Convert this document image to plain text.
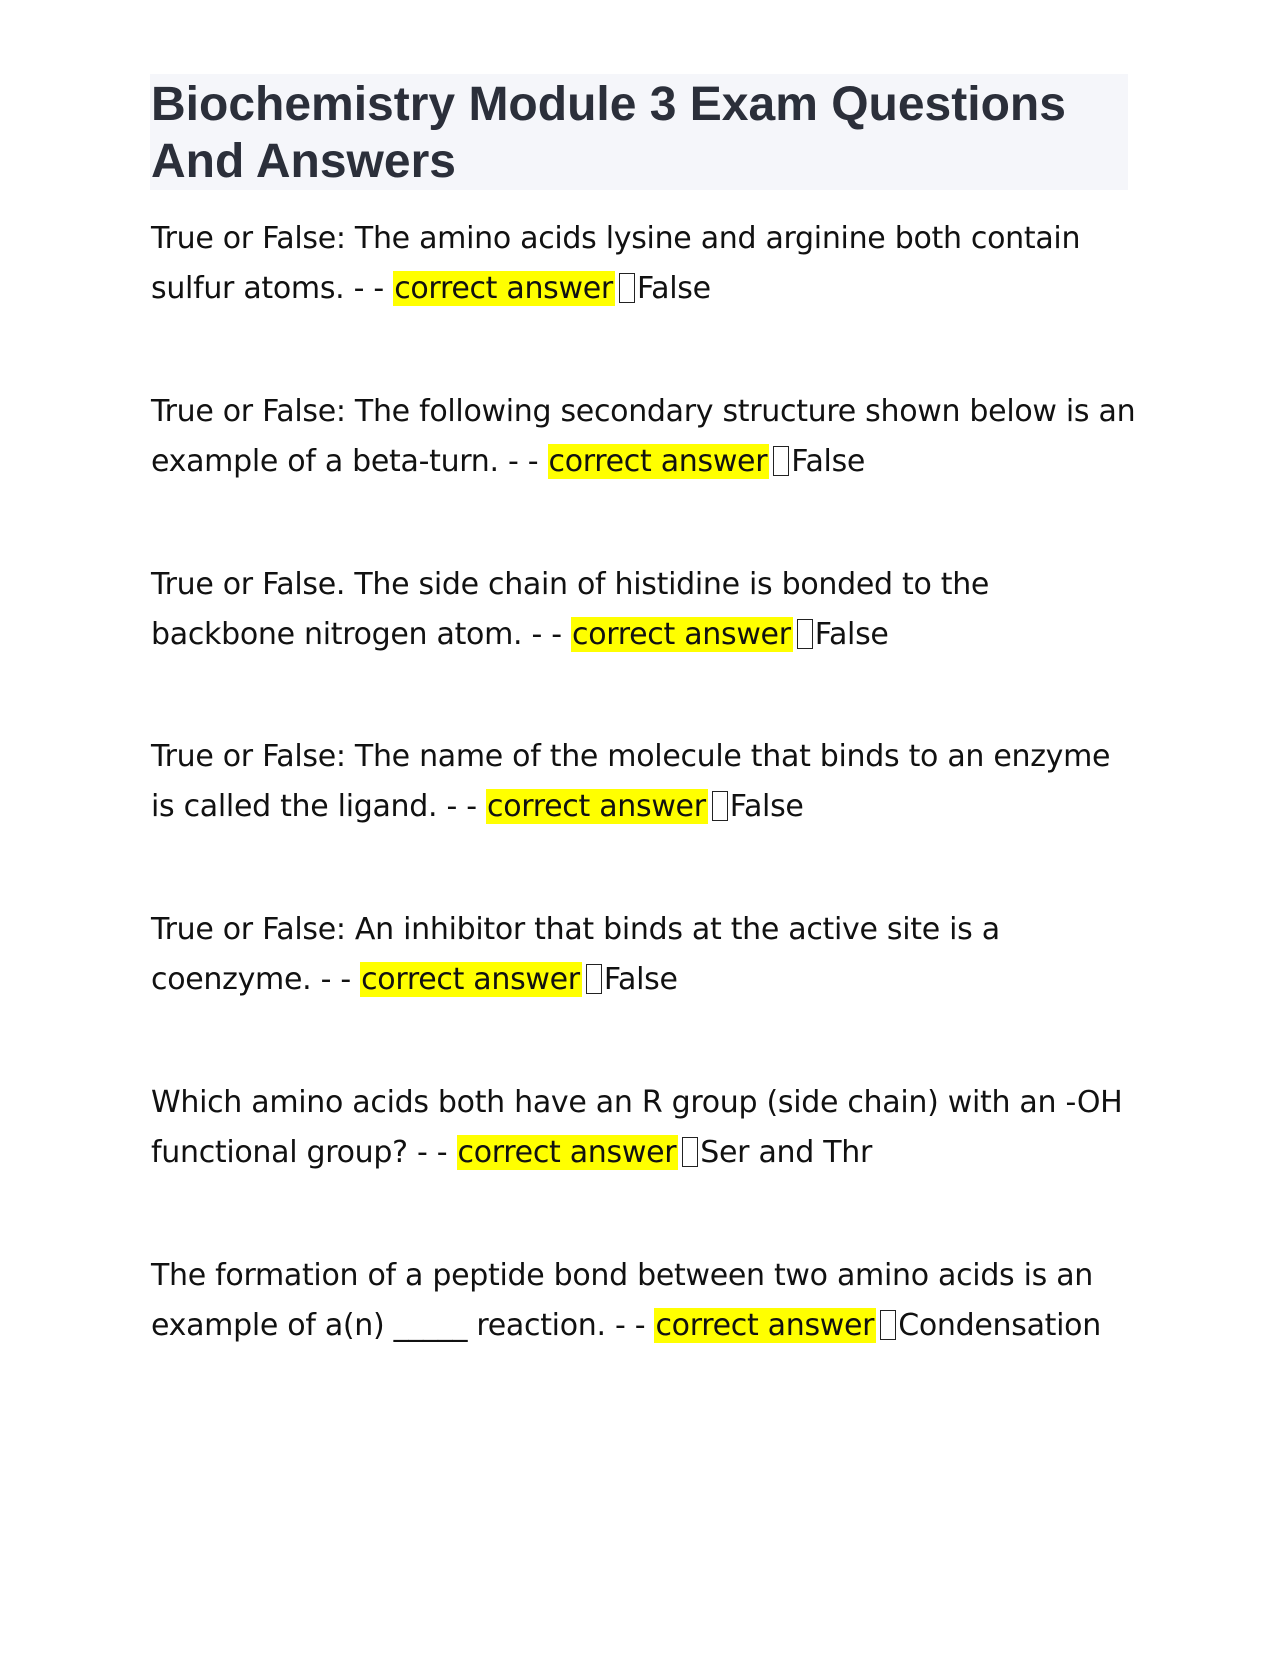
Biochemistry Module 3 Exam Questions And Answers

True or False: The amino acids lysine and arginine both contain sulfur atoms. - - correct answer False

True or False: The following secondary structure shown below is an example of a beta-turn. - - correct answer False

True or False. The side chain of histidine is bonded to the backbone nitrogen atom. - - correct answer False

True or False: The name of the molecule that binds to an enzyme is called the ligand. - - correct answer False

True or False: An inhibitor that binds at the active site is a coenzyme. - - correct answer False

Which amino acids both have an R group (side chain) with an -OH functional group? - - correct answer Ser and Thr

The formation of a peptide bond between two amino acids is an example of a(n) _____ reaction. - - correct answer Condensation
